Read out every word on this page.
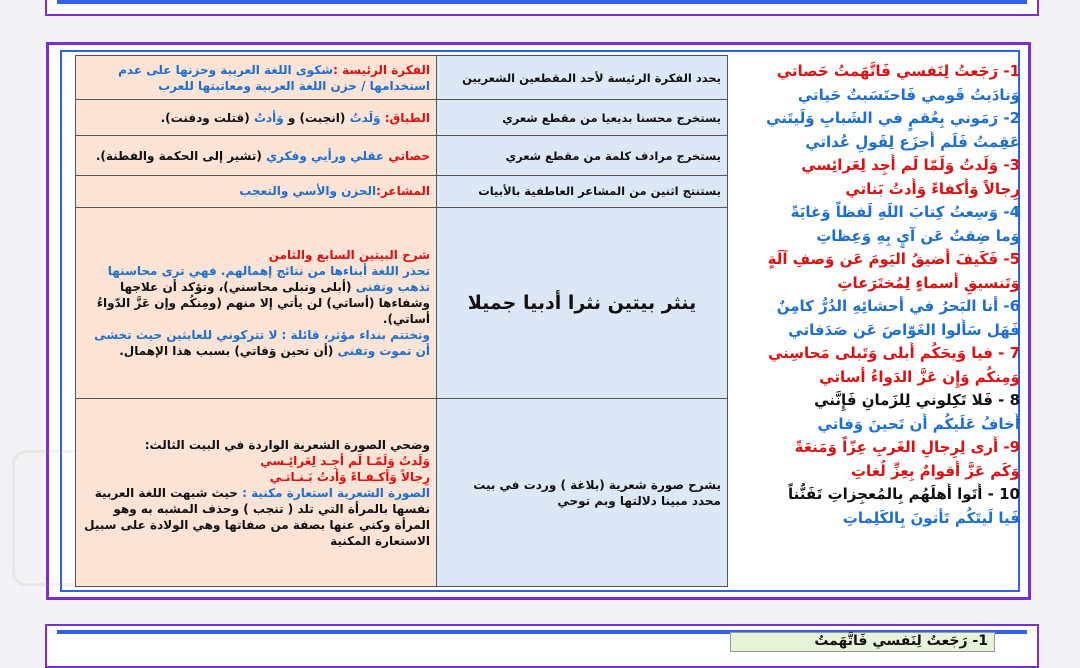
يحدد الفكرة الرئيسة لأحد المقطعين الشعريين	الفكرة الرئيسة :شكوى اللغة العربية وحزنها على عدم استخدامها / حزن اللغة العربية ومعاتبتها للعرب
يستخرج محسنا بديعيا من مقطع شعري	الطباق: وَلَدتُ (انجبت) و وَأدتُ (قتلت ودفنت).
يستخرج مرادف كلمة من مقطع شعري	حصاتي عقلي ورأيي وفكري (تشير إلى الحكمة والفطنة).
يستنتج اثنين من المشاعر العاطفية بالأبيات	المشاعر:الحزن والأسي والتعجب
ينثر بيتين نثرا أدبيا جميلا	شرح البيتين السابع والثامن
تحذر اللغة أبناءها من نتائج إهمالهم. فهي ترى محاسنها تذهب وتفنى (أبلى وتبلى محاسني)، وتؤكد أن علاجها وشفاءها (أساتي) لن يأتي إلا منهم (ومِنكُم وإن عَزَّ الدّواءُ أساتي).
وتختتم بنداء مؤثر، قائلة : لا تتركوني للعابثين حيث تخشى أن تموت وتفنى (أن تحين وَفاتي) بسبب هذا الإهمال.
يشرح صورة شعرية (بلاغة ) وردت في بيت محدد مبينا دلالتها وبم توحي	وضحي الصورة الشعرية الواردة في البيت الثالث:
وَلَدتُ وَلَمّـا لَم أجِـد لِعَرائِـسي
رِجالاً وَأكـفـاءً وَأدتُ بَـنـاتـي
الصورة الشعرية استعارة مكنية : حيث شبهت اللغة العربية نفسها بالمرأة التي تلد ( تنجب ) وحذف المشبه به وهو المرأة وكني عنها بصفة من صفاتها وهي الولادة على سبيل الاستعارة المكنية
1- رَجَعتُ لِنَفسي فَاتَّهَمتُ حَصاتي
وَنادَيتُ قَومي فَاحتَسَبتُ حَياتي
2- رَمَوني بِعُقمٍ في الشَبابِ وَلَيتَني
عَقِمتُ فَلَم أَجزَع لِقَولِ عُداتي
3- وَلَدتُ وَلَمّا لَم أَجِد لِعَرائِسي
رِجالاً وَأَكفاءً وَأَدتُ بَناتي
4- وَسِعتُ كِتابَ اللَهِ لَفظاً وَغايَةً
وَما ضِقتُ عَن آيٍ بِهِ وَعِظاتِ
5- فَكَيفَ أَضيقُ اليَومَ عَن وَصفِ آلَةٍ
وَتَنسيقِ أَسماءٍ لِمُختَرَعاتِ
6- أنا البَحرُ في أحشائِهِ الدُرُّ كامِنٌ
فَهَل سَأَلوا الغَوّاصَ عَن صَدَفاتي
7 - فيا وَيحَكُم أَبلى وَتَبلى مَحاسِني
وَمِنكُم وَإِن عَزَّ الدَواءُ أَساتي
8 - فَلا تَكِلوني لِلزَمانِ فَإِنَّني
أَخافُ عَلَيكُم أَن تَحينَ وَفاتي
9- أَرى لِرِجالِ الغَربِ عِزّاً وَمَنعَةً
وَكَم عَزَّ أَقوامٌ بِعِزِّ لُغاتِ
10 - أَتَوا أَهلَهُم بِالمُعجِزاتِ تَفَنُّناً
فَيا لَيتَكُم تَأتونَ بِالكَلِماتِ
1- رَجَعتُ لِنَفسي فَاتَّهَمتُ
